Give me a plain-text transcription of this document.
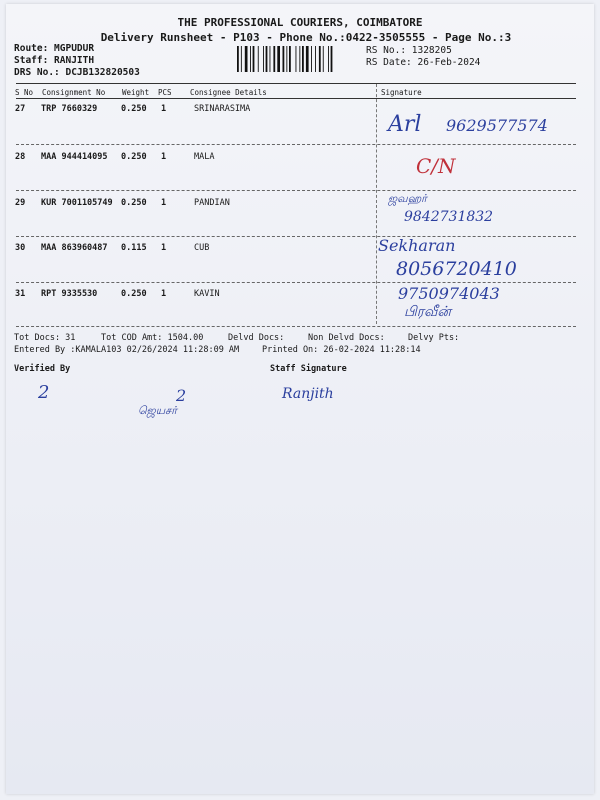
THE PROFESSIONAL COURIERS, COIMBATORE
Delivery Runsheet - P103 - Phone No.:0422-3505555 - Page No.:3
Route: MGPUDUR
Staff: RANJITH
DRS No.: DCJB132820503
RS No.: 1328205
RS Date: 26-Feb-2024
S No Consignment No Weight PCS Consignee Details	Signature
27 TRP 7660329	0.250 1	SRINARASIMA
Arl 9629577574
28 MAA 944414095 0.250 1	MALA	C/N
29 KUR 7001105749 0.250 1	PANDIAN	ஜவஹர்
9842731832
30 MAA 863960487 0.115 1	CUB	Sekharan
8056720410
31 RPT 9335530	0.250 1	KAVIN	9750974043
பிரவீன்
Tot Docs: 31	Tot COD Amt: 1504.00	Delvd Docs:	Non Delvd Docs:	Delvy Pts:
Entered By :KAMALA103 02/26/2024 11:28:09 AM	Printed On: 26-02-2024 11:28:14
Verified By	Staff Signature
2	2
ஜெயசர்
Ranjith
